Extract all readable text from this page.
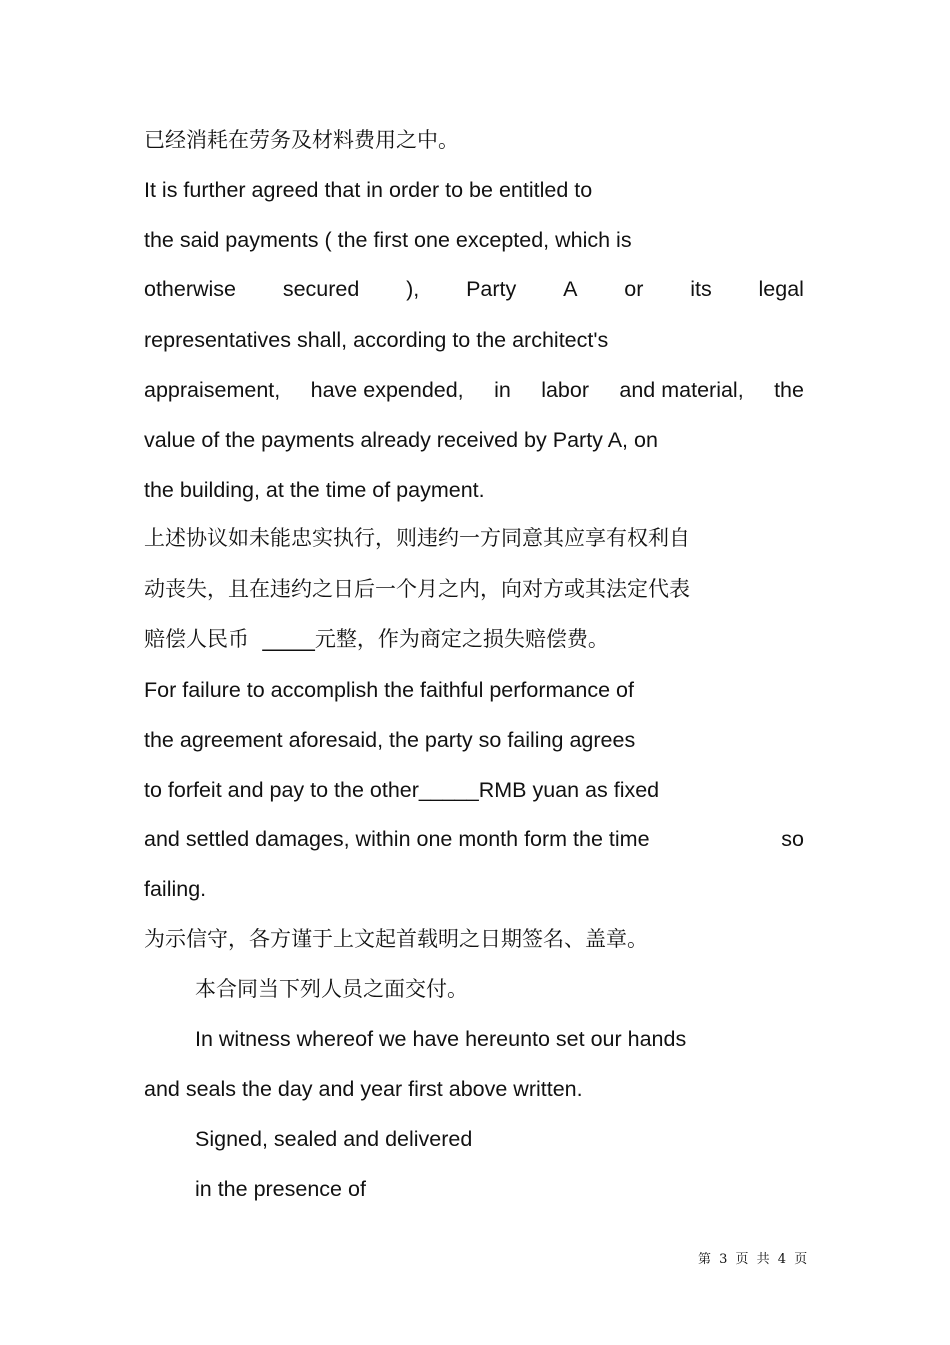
已经消耗在劳务及材料费用之中。
It is further agreed that in order to be entitled to
the said payments ( the first one excepted, which is
otherwise secured ), Party A or its legal
representatives shall, according to the architect's
appraisement, have expended, in labor and material, the
value of the payments already received by Party A, on
the building, at the time of payment.
上述协议如未能忠实执行，则违约一方同意其应享有权利自
动丧失，且在违约之日后一个月之内，向对方或其法定代表
赔偿人民币  _____元整，作为商定之损失赔偿费。
For failure to accomplish the faithful performance of
the agreement aforesaid, the party so failing agrees
to forfeit and pay to the other_____RMB yuan as fixed
and settled damages, within one month form the time	so
failing.
为示信守，各方谨于上文起首载明之日期签名、盖章。
本合同当下列人员之面交付。
In witness whereof we have hereunto set our hands
and seals the day and year first above written.
Signed, sealed and delivered
in the presence of
第 3 页 共 4 页
